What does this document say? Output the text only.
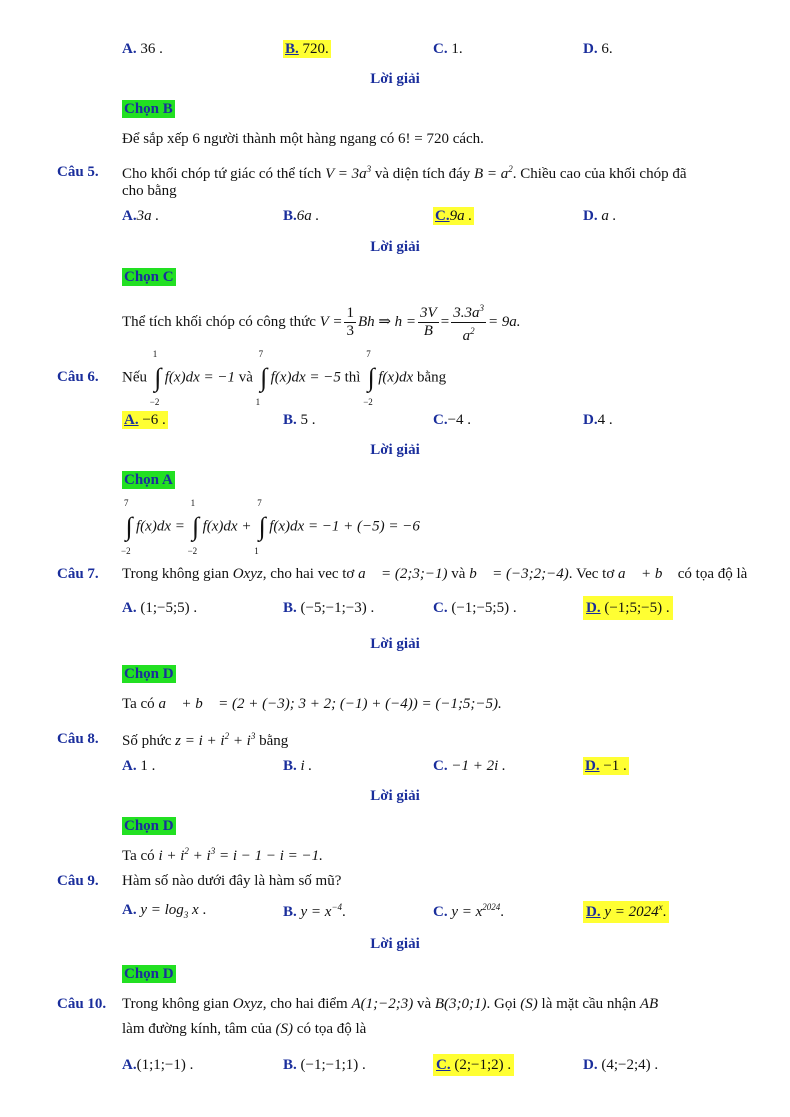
A. 36 .	B. 720.	C. 1.	D. 6.
Lời giải
Chọn B
Để sắp xếp 6 người thành một hàng ngang có 6! = 720 cách.
Câu 5. Cho khối chóp tứ giác có thể tích $V = 3a^3$ và diện tích đáy $B = a^2$. Chiều cao của khối chóp đã
cho bằng
A.3a .	B.6a .	C.9a .	D. a .
Lời giải
Chọn C
Thể tích khối chóp có công thức $V = \frac{1}{3}$ Bh ⇒ $h = \frac{3V}{B} = \frac{3.3a^3}{a^2} = 9a$.
Câu 6. Nếu
1
∫
−2
f(x)dx = −1 và
7
∫
1
f(x)dx = −5 thì
7
∫
−2
f(x)dx bằng
A. −6 .	B. 5 .	C.−4 .	D.4 .
Lời giải
Chọn A
7
∫
−2
f(x)dx =
1
∫
−2
f(x)dx +
7
∫
1
f(x)dx = −1 + (−5) = −6
Câu 7. Trong không gian Oxyz, cho hai vec tơ a⃗ = (2;3;−1) và b⃗ = (−3;2;−4). Vec tơ a⃗ + b⃗ có tọa độ là
A. (1;−5;5) .	B. (−5;−1;−3) .	C. (−1;−5;5) .	D. (−1;5;−5) .
Lời giải
Chọn D
Ta có a⃗ + b⃗ = (2 + (−3); 3 + 2; (−1) + (−4)) = (−1;5;−5).
Câu 8. Số phức $z = i + i^2 + i^3$ bằng
A. 1 .	B. i .	C. −1 + 2i .	D. −1 .
Lời giải
Chọn D
Ta có $i + i^2 + i^3 = i - 1 - i = -1$.
Câu 9. Hàm số nào dưới đây là hàm số mũ?
A. $y = \log_3 x$ .	B. $y = x^{-4}$.	C. $y = x^{2024}$.	D. $y = 2024^x$.
Lời giải
Chọn D
Câu 10. Trong không gian Oxyz, cho hai điểm A(1;−2;3) và B(3;0;1). Gọi (S) là mặt cầu nhận AB
làm đường kính, tâm của (S) có tọa độ là
A.(1;1;−1) .	B. (−1;−1;1) .	C. (2;−1;2) .	D. (4;−2;4) .
